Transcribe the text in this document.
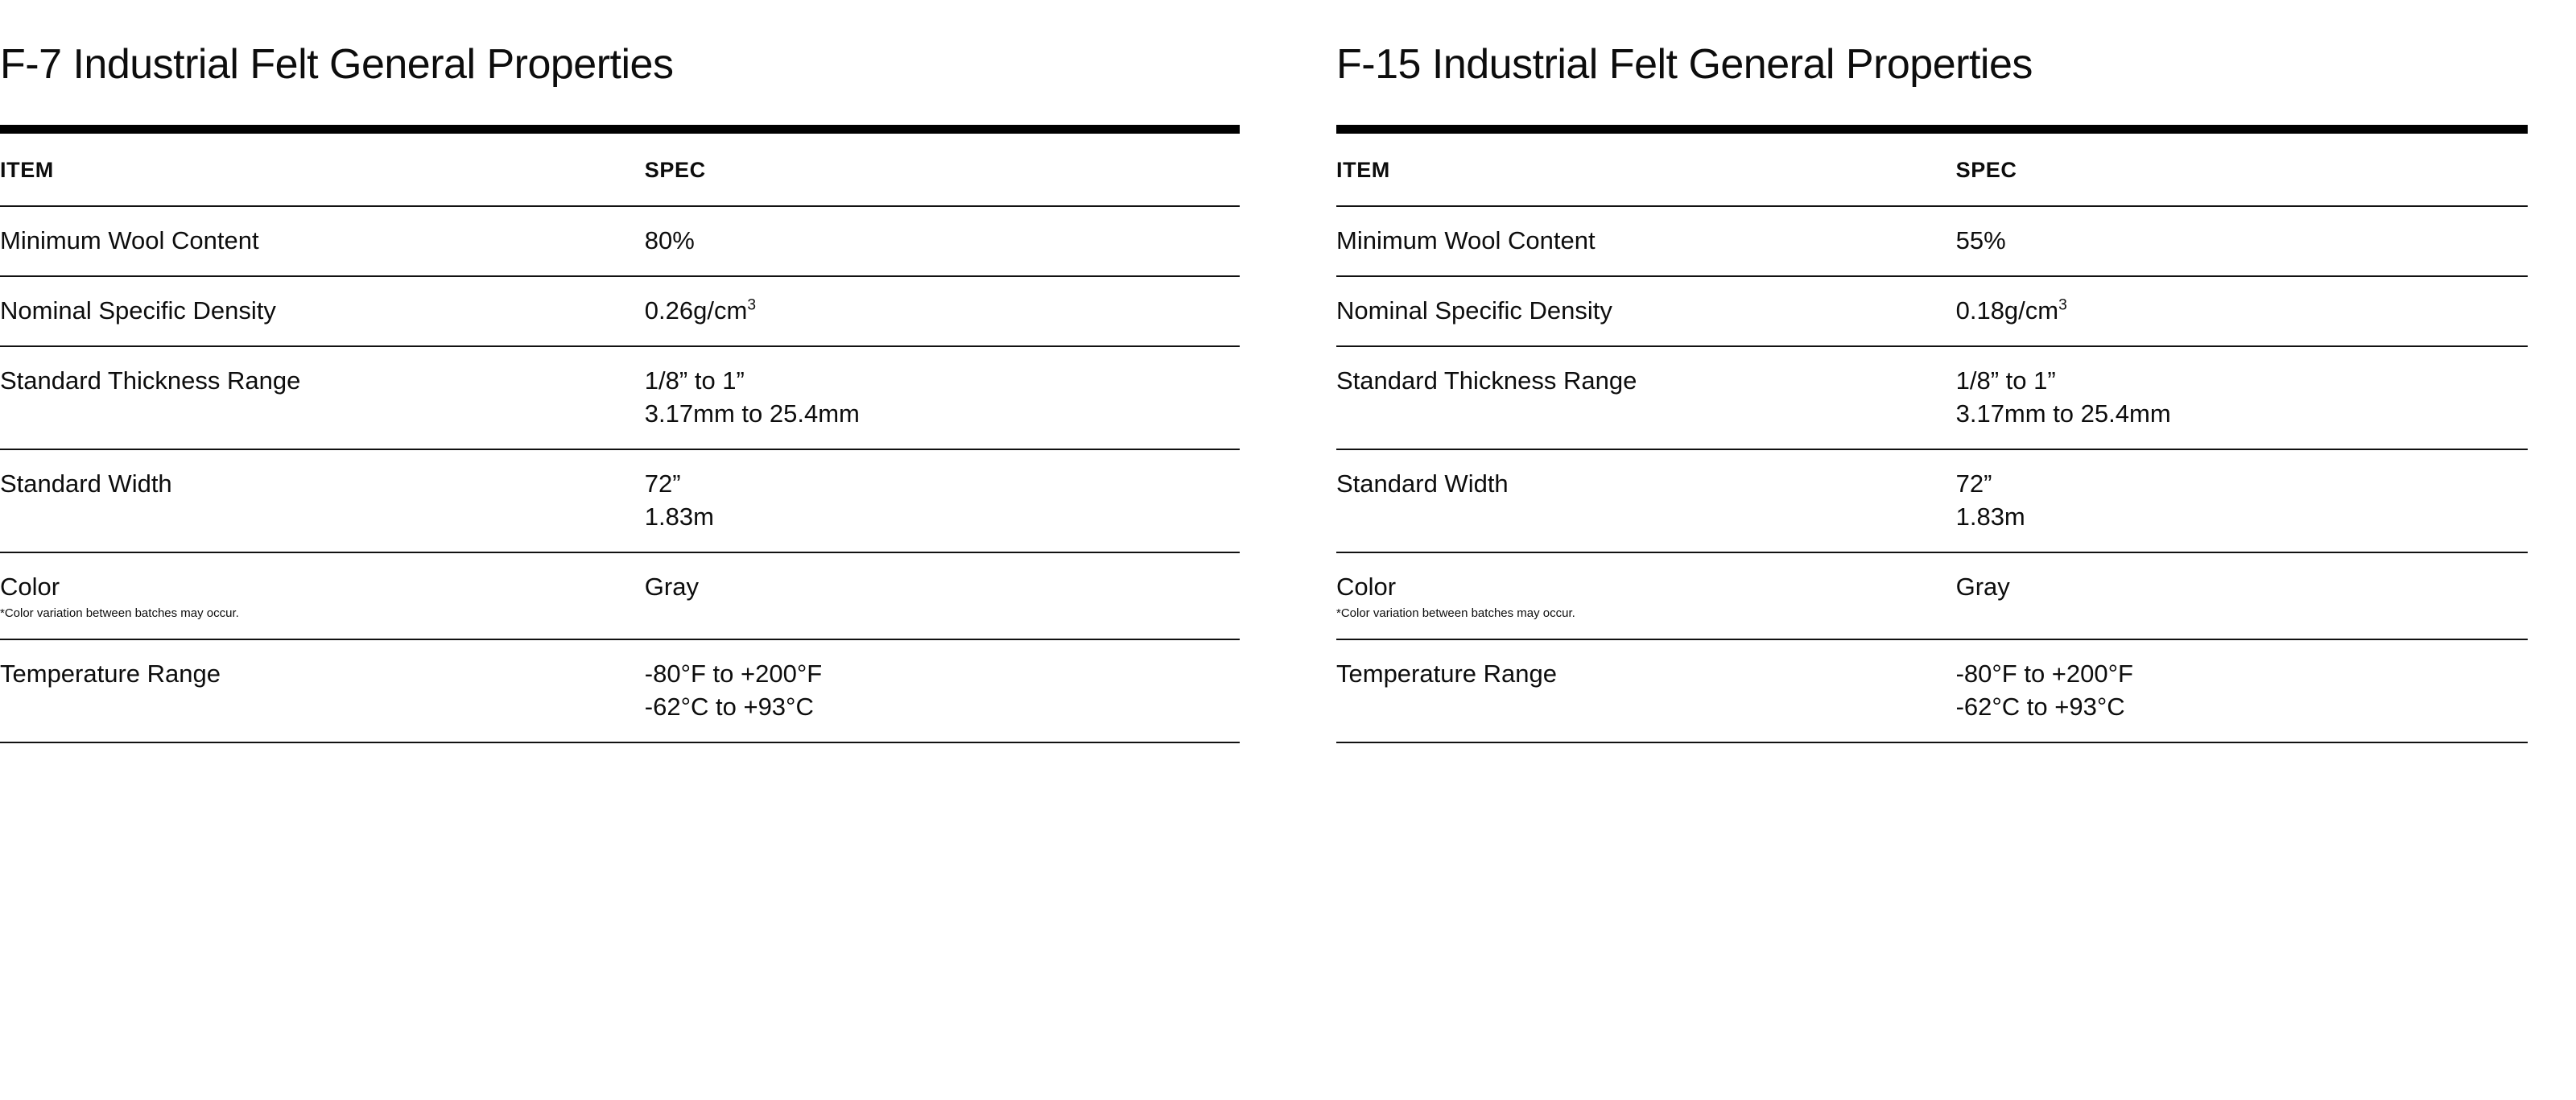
F-7 Industrial Felt General Properties
ITEM	SPEC
Minimum Wool Content	80%
Nominal Specific Density	$0.26g/cm^3$
Standard Thickness Range	1/8” to 1”
3.17mm to 25.4mm

Standard Width	72”
1.83m

Color
*Color variation between batches may occur.	Gray
Temperature Range	-80°F to +200°F
-62°C to +93°C
F-15 Industrial Felt General Properties
ITEM	SPEC
Minimum Wool Content	55%
Nominal Specific Density	$0.18g/cm^3$
Standard Thickness Range	1/8” to 1”
3.17mm to 25.4mm

Standard Width	72”
1.83m

Color
*Color variation between batches may occur.	Gray
Temperature Range	-80°F to +200°F
-62°C to +93°C
